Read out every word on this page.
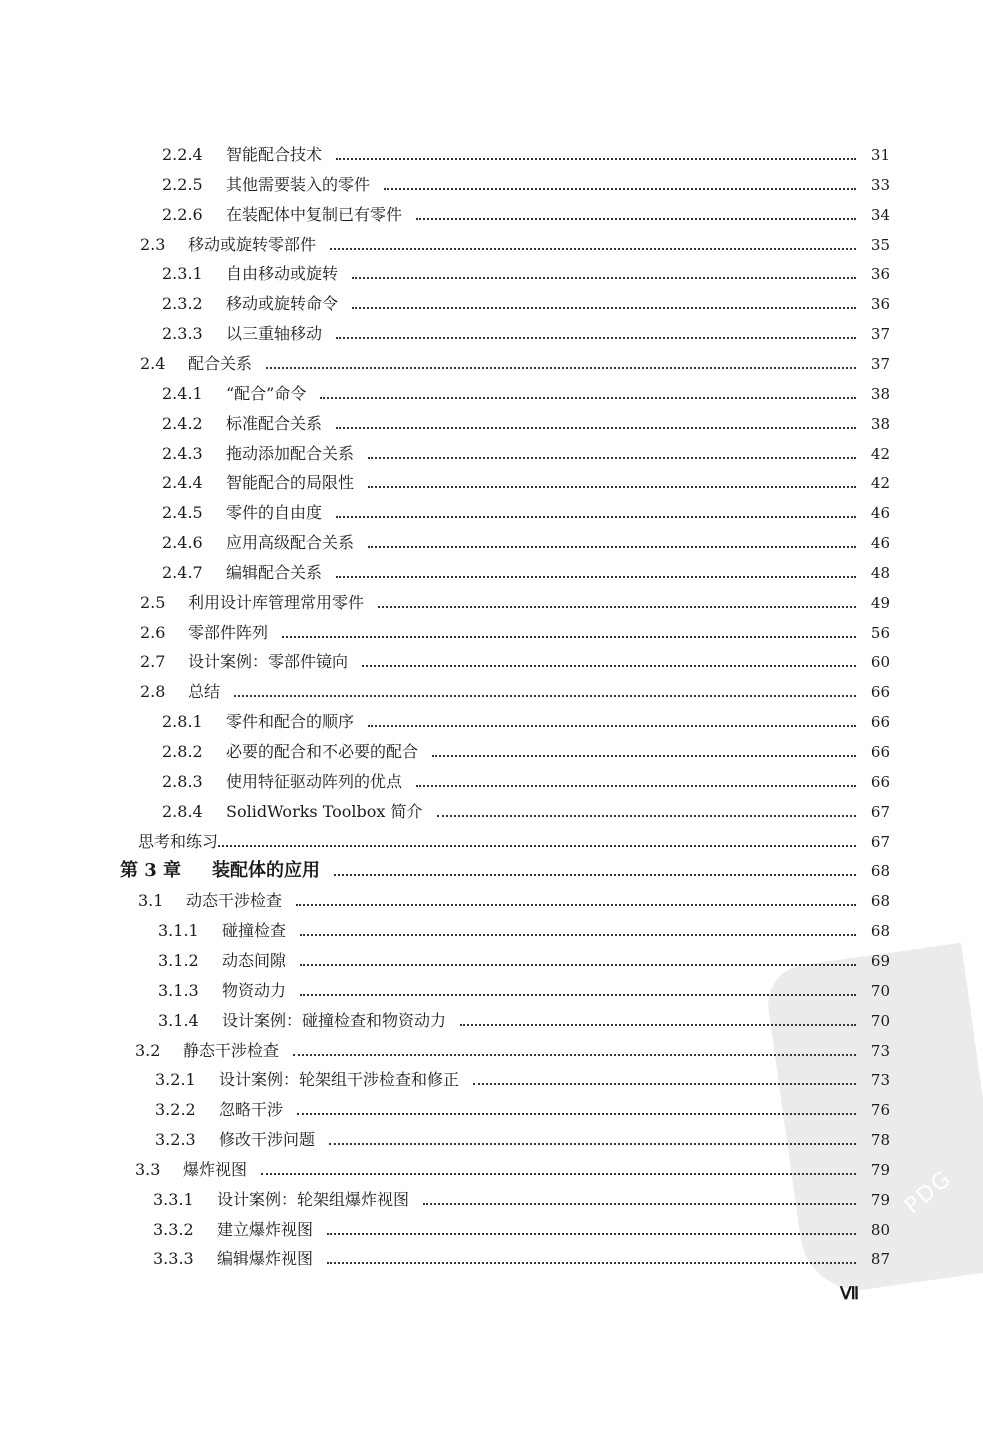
PDG
2.2.4 智能配合技术	31
2.2.5 其他需要装入的零件	33
2.2.6 在装配体中复制已有零件	34
2.3 移动或旋转零部件	35
2.3.1 自由移动或旋转	36
2.3.2 移动或旋转命令	36
2.3.3 以三重轴移动	37
2.4 配合关系	37
2.4.1 “配合”命令	38
2.4.2 标准配合关系	38
2.4.3 拖动添加配合关系	42
2.4.4 智能配合的局限性	42
2.4.5 零件的自由度	46
2.4.6 应用高级配合关系	46
2.4.7 编辑配合关系	48
2.5 利用设计库管理常用零件	49
2.6 零部件阵列	56
2.7 设计案例：零部件镜向	60
2.8 总结	66
2.8.1 零件和配合的顺序	66
2.8.2 必要的配合和不必要的配合	66
2.8.3 使用特征驱动阵列的优点	66
2.8.4 SolidWorks Toolbox 简介	67
思考和练习	67
第 3 章	装配体的应用	68
3.1 动态干涉检查	68
3.1.1 碰撞检查	68
3.1.2 动态间隙	69
3.1.3 物资动力	70
3.1.4 设计案例：碰撞检查和物资动力	70
3.2 静态干涉检查	73
3.2.1 设计案例：轮架组干涉检查和修正	73
3.2.2 忽略干涉	76
3.2.3 修改干涉问题	78
3.3 爆炸视图	79
3.3.1 设计案例：轮架组爆炸视图	79
3.3.2 建立爆炸视图	80
3.3.3 编辑爆炸视图	87
Ⅶ
